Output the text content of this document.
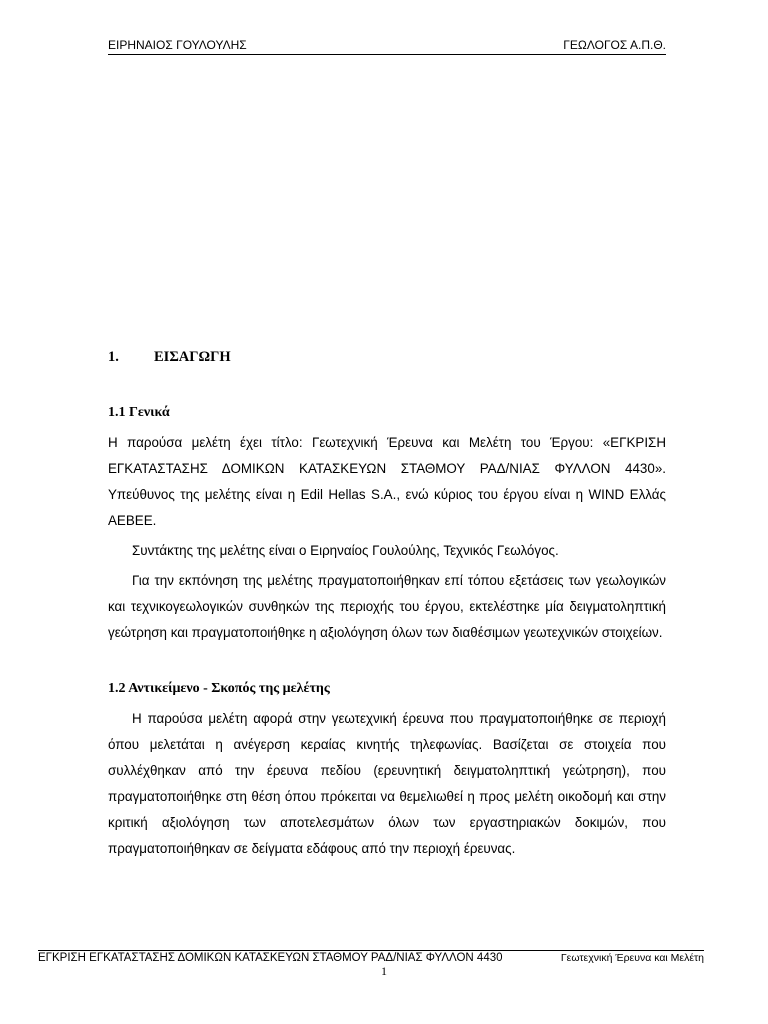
ΕΙΡΗΝΑΙΟΣ ΓΟΥΛΟΥΛΗΣ	ΓΕΩΛΟΓΟΣ Α.Π.Θ.
1. ΕΙΣΑΓΩΓΗ
1.1 Γενικά

Η παρούσα μελέτη έχει τίτλο: Γεωτεχνική Έρευνα και Μελέτη του Έργου: «ΕΓΚΡΙΣΗ ΕΓΚΑΤΑΣΤΑΣΗΣ ΔΟΜΙΚΩΝ ΚΑΤΑΣΚΕΥΩΝ ΣΤΑΘΜΟΥ ΡΑΔ/ΝΙΑΣ ΦΥΛΛΟΝ 4430». Υπεύθυνος της μελέτης είναι η Edil Hellas S.A., ενώ κύριος του έργου είναι η WIND Ελλάς ΑΕΒΕΕ.

Συντάκτης της μελέτης είναι ο Ειρηναίος Γουλούλης, Τεχνικός Γεωλόγος.

Για την εκπόνηση της μελέτης πραγματοποιήθηκαν επί τόπου εξετάσεις των γεωλογικών και τεχνικογεωλογικών συνθηκών της περιοχής του έργου, εκτελέστηκε μία δειγματοληπτική γεώτρηση και πραγματοποιήθηκε η αξιολόγηση όλων των διαθέσιμων γεωτεχνικών στοιχείων.

1.2 Αντικείμενο - Σκοπός της μελέτης

Η παρούσα μελέτη αφορά στην γεωτεχνική έρευνα που πραγματοποιήθηκε σε περιοχή όπου μελετάται η ανέγερση κεραίας κινητής τηλεφωνίας. Βασίζεται σε στοιχεία που συλλέχθηκαν από την έρευνα πεδίου (ερευνητική δειγματοληπτική γεώτρηση), που πραγματοποιήθηκε στη θέση όπου πρόκειται να θεμελιωθεί η προς μελέτη οικοδομή και στην κριτική αξιολόγηση των αποτελεσμάτων όλων των εργαστηριακών δοκιμών, που πραγματοποιήθηκαν σε δείγματα εδάφους από την περιοχή έρευνας.

ΕΓΚΡΙΣΗ ΕΓΚΑΤΑΣΤΑΣΗΣ ΔΟΜΙΚΩΝ ΚΑΤΑΣΚΕΥΩΝ ΣΤΑΘΜΟΥ ΡΑΔ/ΝΙΑΣ ΦΥΛΛΟΝ 4430	Γεωτεχνική Έρευνα και Μελέτη
1
